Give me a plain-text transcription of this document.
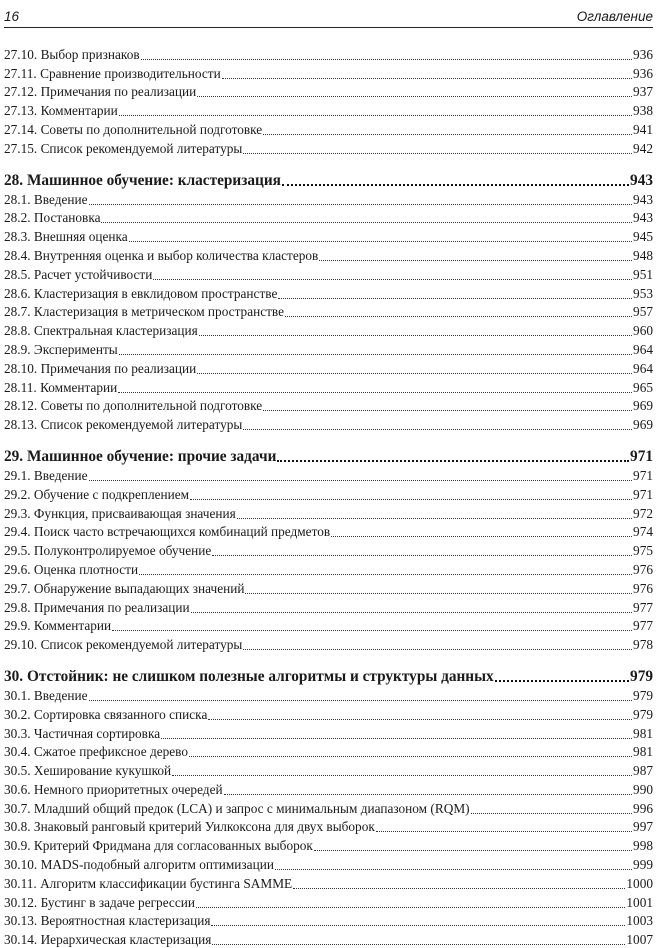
16	Оглавление
27.10. Выбор признаков	936
27.11. Сравнение производительности	936
27.12. Примечания по реализации	937
27.13. Комментарии	938
27.14. Советы по дополнительной подготовке	941
27.15. Список рекомендуемой литературы	942
28. Машинное обучение: кластеризация	943
28.1. Введение	943
28.2. Постановка	943
28.3. Внешняя оценка	945
28.4. Внутренняя оценка и выбор количества кластеров	948
28.5. Расчет устойчивости	951
28.6. Кластеризация в евклидовом пространстве	953
28.7. Кластеризация в метрическом пространстве	957
28.8. Спектральная кластеризация	960
28.9. Эксперименты	964
28.10. Примечания по реализации	964
28.11. Комментарии	965
28.12. Советы по дополнительной подготовке	969
28.13. Список рекомендуемой литературы	969
29. Машинное обучение: прочие задачи	971
29.1. Введение	971
29.2. Обучение с подкреплением	971
29.3. Функция, присваивающая значения	972
29.4. Поиск часто встречающихся комбинаций предметов	974
29.5. Полуконтролируемое обучение	975
29.6. Оценка плотности	976
29.7. Обнаружение выпадающих значений	976
29.8. Примечания по реализации	977
29.9. Комментарии	977
29.10. Список рекомендуемой литературы	978
30. Отстойник: не слишком полезные алгоритмы и структуры данных	979
30.1. Введение	979
30.2. Сортировка связанного списка	979
30.3. Частичная сортировка	981
30.4. Сжатое префиксное дерево	981
30.5. Хеширование кукушкой	987
30.6. Немного приоритетных очередей	990
30.7. Младший общий предок (LCA) и запрос с минимальным диапазоном (RQM)	996
30.8. Знаковый ранговый критерий Уилкоксона для двух выборок	997
30.9. Критерий Фридмана для согласованных выборок	998
30.10. MADS-подобный алгоритм оптимизации	999
30.11. Алгоритм классификации бустинга SAMME	1000
30.12. Бустинг в задаче регрессии	1001
30.13. Вероятностная кластеризация	1003
30.14. Иерархическая кластеризация	1007
